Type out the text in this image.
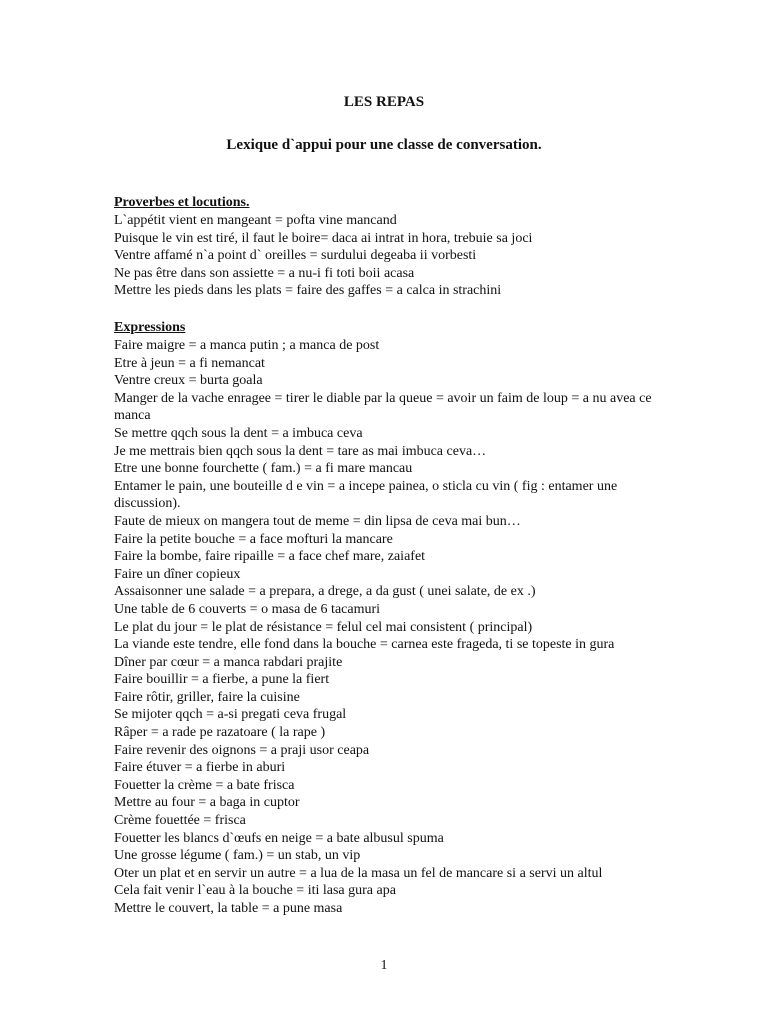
LES REPAS
Lexique d`appui pour une classe de conversation.
Proverbes et locutions.
L`appétit vient en mangeant = pofta vine mancand
Puisque le vin est tiré, il faut le boire= daca ai intrat in hora, trebuie sa joci
Ventre affamé n`a point d` oreilles = surdului degeaba ii vorbesti
Ne pas être dans son assiette = a nu-i fi toti boii acasa
Mettre les pieds dans les plats = faire des gaffes = a calca in strachini
Expressions
Faire maigre = a manca putin ; a manca de post
Etre à jeun = a fi nemancat
Ventre creux = burta goala
Manger de la vache enragee = tirer le diable par la queue = avoir un faim de loup = a nu avea ce manca
Se mettre qqch sous la dent = a imbuca ceva
Je me mettrais bien qqch sous la dent = tare as mai imbuca ceva…
Etre une bonne fourchette ( fam.) = a fi mare mancau
Entamer le pain, une bouteille d e vin = a incepe painea, o sticla cu vin ( fig : entamer une discussion).
Faute de mieux on mangera tout de meme = din lipsa de ceva mai bun…
Faire la petite bouche = a face mofturi la mancare
Faire la bombe, faire ripaille = a face chef mare, zaiafet
Faire un dîner copieux
Assaisonner une salade = a prepara, a drege, a da gust ( unei salate, de ex .)
Une table de 6 couverts = o masa de 6 tacamuri
Le plat du jour = le plat de résistance = felul cel mai consistent ( principal)
La viande este tendre, elle fond dans la bouche = carnea este frageda, ti se topeste in gura
Dîner par cœur = a manca rabdari prajite
Faire bouillir = a fierbe, a pune la fiert
Faire rôtir, griller, faire la cuisine
Se mijoter qqch = a-si pregati ceva frugal
Râper = a rade pe razatoare ( la rape )
Faire revenir des oignons = a praji usor ceapa
Faire étuver = a fierbe in aburi
Fouetter la crème = a bate frisca
Mettre au four = a baga in cuptor
Crème fouettée = frisca
Fouetter les blancs d`œufs en neige = a bate albusul spuma
Une grosse légume ( fam.) = un stab, un vip
Oter un plat et en servir un autre = a lua de la masa un fel de mancare si a servi un altul
Cela fait venir l`eau à la bouche = iti lasa gura apa
Mettre le couvert, la table = a pune masa
1
